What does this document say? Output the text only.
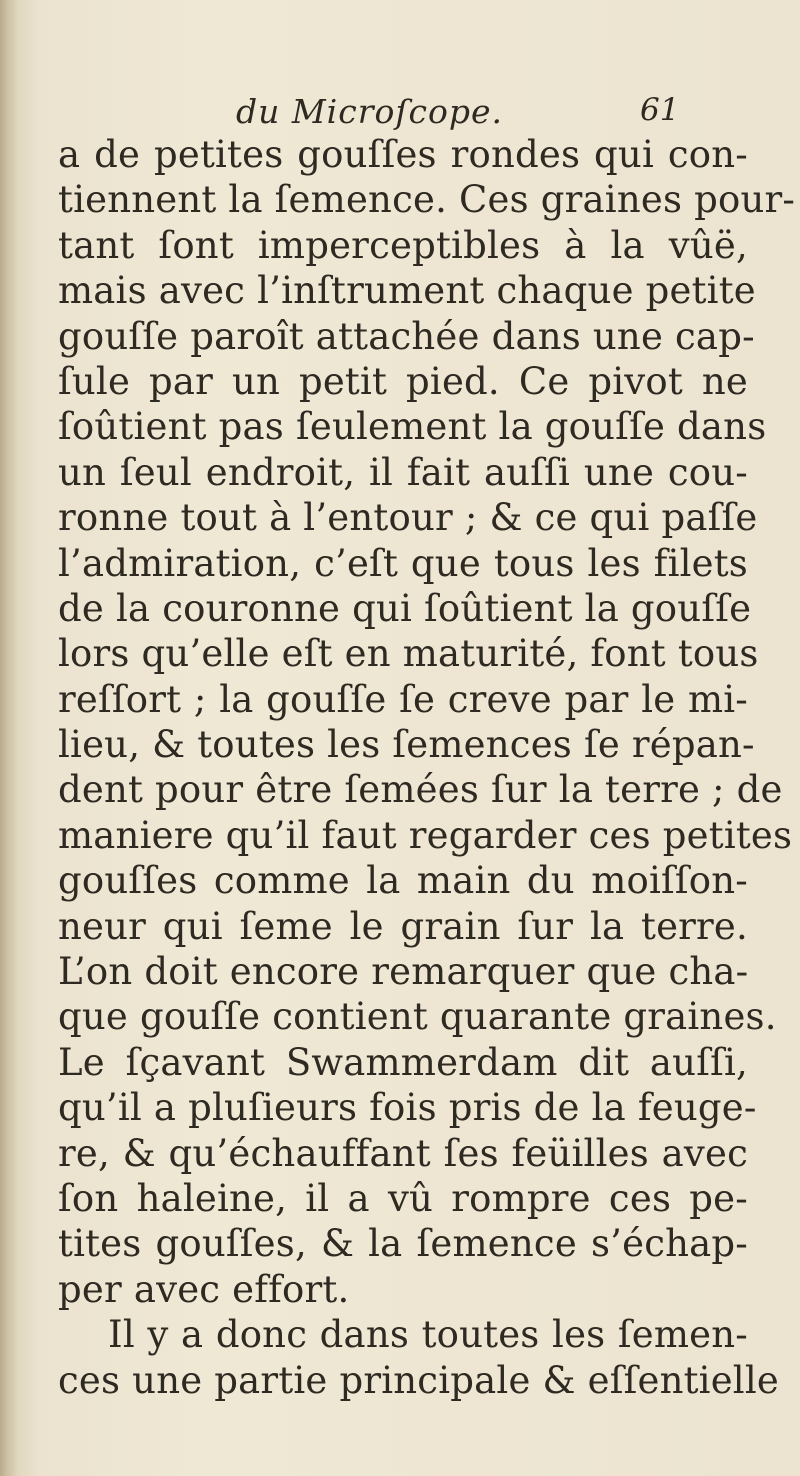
du Microſcope.	61
a de petites gouſſes rondes qui con-
tiennent la ſemence. Ces graines pour-
tant ſont imperceptibles à la vûë,
mais avec l’inſtrument chaque petite
gouſſe paroît attachée dans une cap-
ſule par un petit pied. Ce pivot ne
ſoûtient pas ſeulement la gouſſe dans
un ſeul endroit, il fait auſſi une cou-
ronne tout à l’entour ; & ce qui paſſe
l’admiration, c’eſt que tous les filets
de la couronne qui ſoûtient la gouſſe
lors qu’elle eſt en maturité, font tous
reſſort ; la gouſſe ſe creve par le mi-
lieu, & toutes les ſemences ſe répan-
dent pour être ſemées ſur la terre ; de
maniere qu’il faut regarder ces petites
gouſſes comme la main du moiſſon-
neur qui ſeme le grain ſur la terre.
L’on doit encore remarquer que cha-
que gouſſe contient quarante graines.
Le ſçavant Swammerdam dit auſſi,
qu’il a pluſieurs fois pris de la feuge-
re, & qu’échauffant ſes feüilles avec
ſon haleine, il a vû rompre ces pe-
tites gouſſes, & la ſemence s’échap-
per avec effort.
Il y a donc dans toutes les ſemen-
ces une partie principale & eſſentielle
